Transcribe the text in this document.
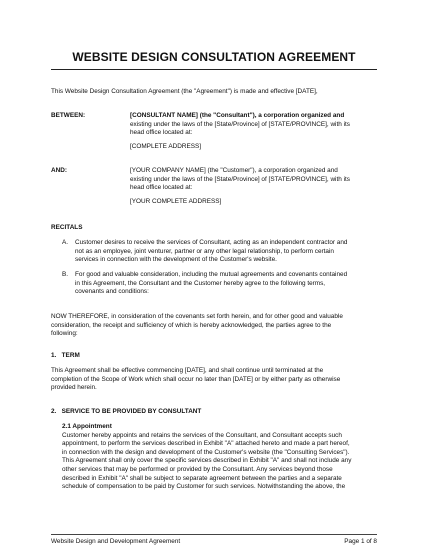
WEBSITE DESIGN CONSULTATION AGREEMENT
This Website Design Consultation Agreement (the "Agreement") is made and effective [DATE],
BETWEEN:	[CONSULTANT NAME] (the "Consultant"), a corporation organized and
existing under the laws of the [State/Province] of [STATE/PROVINCE], with its
head office located at:
[COMPLETE ADDRESS]
AND:	[YOUR COMPANY NAME] (the "Customer"), a corporation organized and
existing under the laws of the [State/Province] of [STATE/PROVINCE], with its
head office located at:
[YOUR COMPLETE ADDRESS]
RECITALS
A. Customer desires to receive the services of Consultant, acting as an independent contractor and
not as an employee, joint venturer, partner or any other legal relationship, to perform certain
services in connection with the development of the Customer's website.
B. For good and valuable consideration, including the mutual agreements and covenants contained
in this Agreement, the Consultant and the Customer hereby agree to the following terms,
covenants and conditions:
NOW THEREFORE, in consideration of the covenants set forth herein, and for other good and valuable
consideration, the receipt and sufficiency of which is hereby acknowledged, the parties agree to the
following:
1.   TERM
This Agreement shall be effective commencing [DATE], and shall continue until terminated at the
completion of the Scope of Work which shall occur no later than [DATE] or by either party as otherwise
provided herein.
2.   SERVICE TO BE PROVIDED BY CONSULTANT
2.1 Appointment
Customer hereby appoints and retains the services of the Consultant, and Consultant accepts such
appointment, to perform the services described in Exhibit "A" attached hereto and made a part hereof,
in connection with the design and development of the Customer's website (the "Consulting Services").
This Agreement shall only cover the specific services described in Exhibit "A" and shall not include any
other services that may be performed or provided by the Consultant. Any services beyond those
described in Exhibit "A" shall be subject to separate agreement between the parties and a separate
schedule of compensation to be paid by Customer for such services. Notwithstanding the above, the
Website Design and Development Agreement	Page 1 of 8
